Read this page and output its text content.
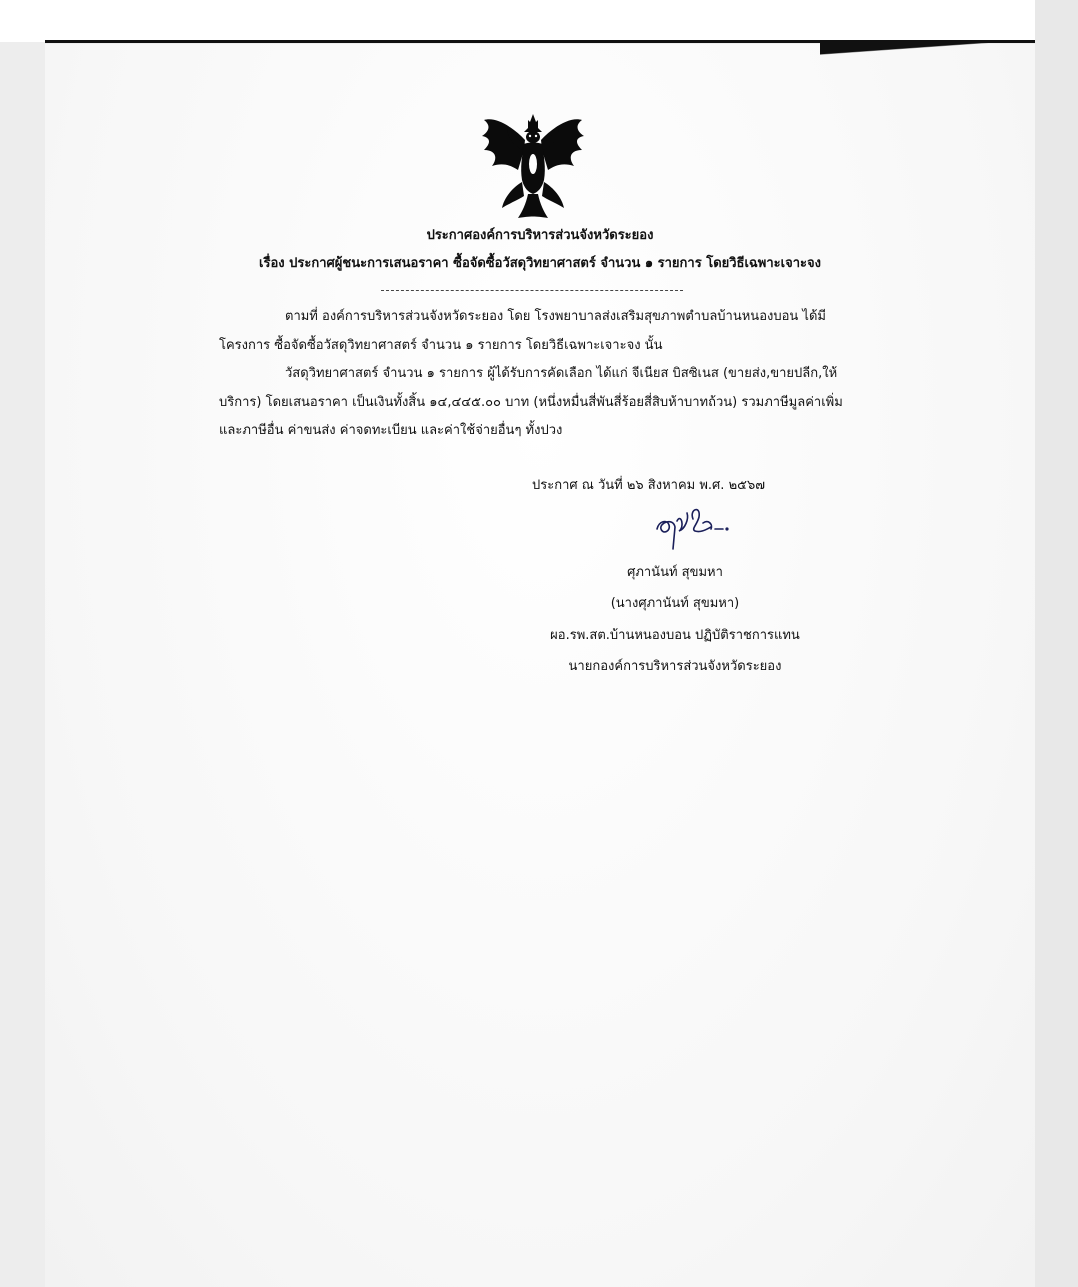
ประกาศองค์การบริหารส่วนจังหวัดระยอง
เรื่อง ประกาศผู้ชนะการเสนอราคา ซื้อจัดซื้อวัสดุวิทยาศาสตร์ จำนวน ๑ รายการ โดยวิธีเฉพาะเจาะจง
ตามที่ องค์การบริหารส่วนจังหวัดระยอง โดย โรงพยาบาลส่งเสริมสุขภาพตำบลบ้านหนองบอน ได้มี
โครงการ ซื้อจัดซื้อวัสดุวิทยาศาสตร์ จำนวน ๑ รายการ โดยวิธีเฉพาะเจาะจง นั้น
วัสดุวิทยาศาสตร์ จำนวน ๑ รายการ ผู้ได้รับการคัดเลือก ได้แก่ จีเนียส บิสซิเนส (ขายส่ง,ขายปลีก,ให้
บริการ) โดยเสนอราคา เป็นเงินทั้งสิ้น ๑๔,๔๔๕.๐๐ บาท (หนึ่งหมื่นสี่พันสี่ร้อยสี่สิบห้าบาทถ้วน) รวมภาษีมูลค่าเพิ่ม
และภาษีอื่น ค่าขนส่ง ค่าจดทะเบียน และค่าใช้จ่ายอื่นๆ ทั้งปวง
ประกาศ ณ วันที่ ๒๖ สิงหาคม พ.ศ. ๒๕๖๗
ศุภานันท์ สุขมหา
(นางศุภานันท์ สุขมหา)
ผอ.รพ.สต.บ้านหนองบอน ปฏิบัติราชการแทน
นายกองค์การบริหารส่วนจังหวัดระยอง
